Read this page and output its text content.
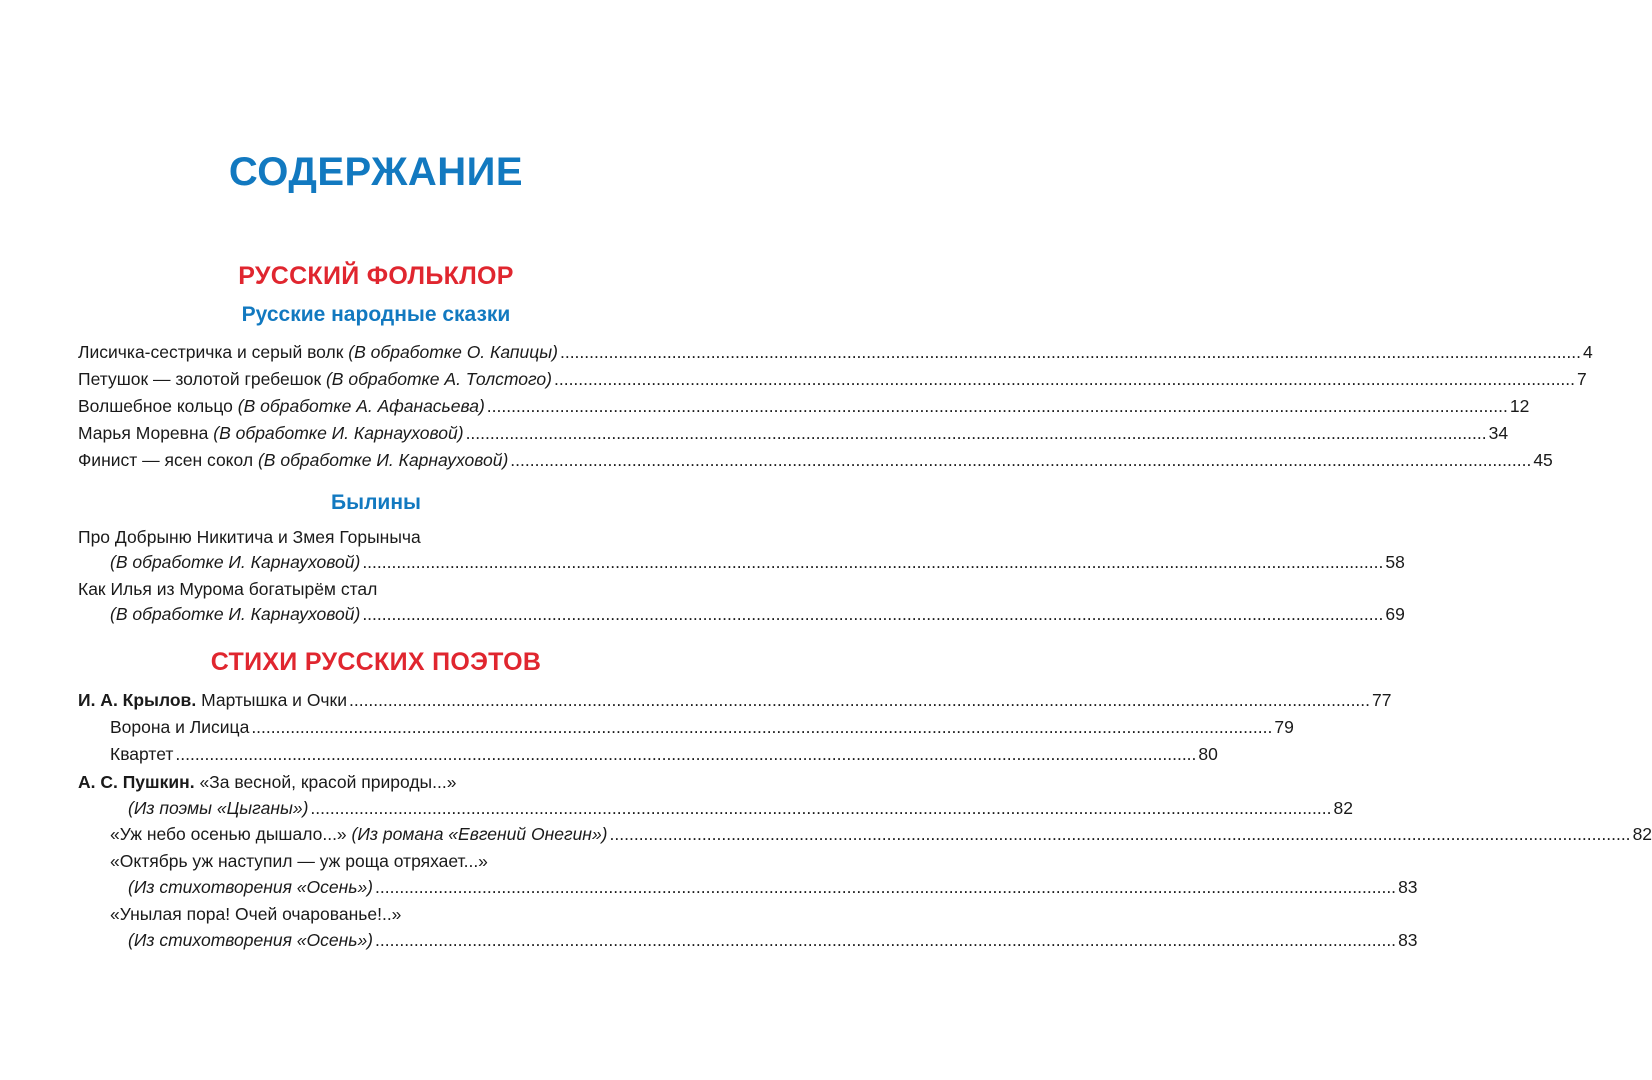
СОДЕРЖАНИЕ
РУССКИЙ ФОЛЬКЛОР
Русские народные сказки
Лисичка-сестричка и серый волк (В обработке О. Капицы) .....	4
Петушок — золотой гребешок (В обработке А. Толстого) .....	7
Волшебное кольцо (В обработке А. Афанасьева) .....	12
Марья Моревна (В обработке И. Карнауховой) .....	34
Финист — ясен сокол (В обработке И. Карнауховой) .....	45
Былины
Про Добрыню Никитича и Змея Горыныча
(В обработке И. Карнауховой) .....	58
Как Илья из Мурома богатырём стал
(В обработке И. Карнауховой) .....	69
СТИХИ РУССКИХ ПОЭТОВ
И. А. Крылов. Мартышка и Очки .....	77
Ворона и Лисица .....	79
Квартет .....	80
А. С. Пушкин. «За весной, красой природы...»
(Из поэмы «Цыганы») .....	82
«Уж небо осенью дышало...» (Из романа «Евгений Онегин») .....	82
«Октябрь уж наступил — уж роща отряхает...»
(Из стихотворения «Осень») .....	83
«Унылая пора! Очей очарованье!..»
(Из стихотворения «Осень») .....	83
